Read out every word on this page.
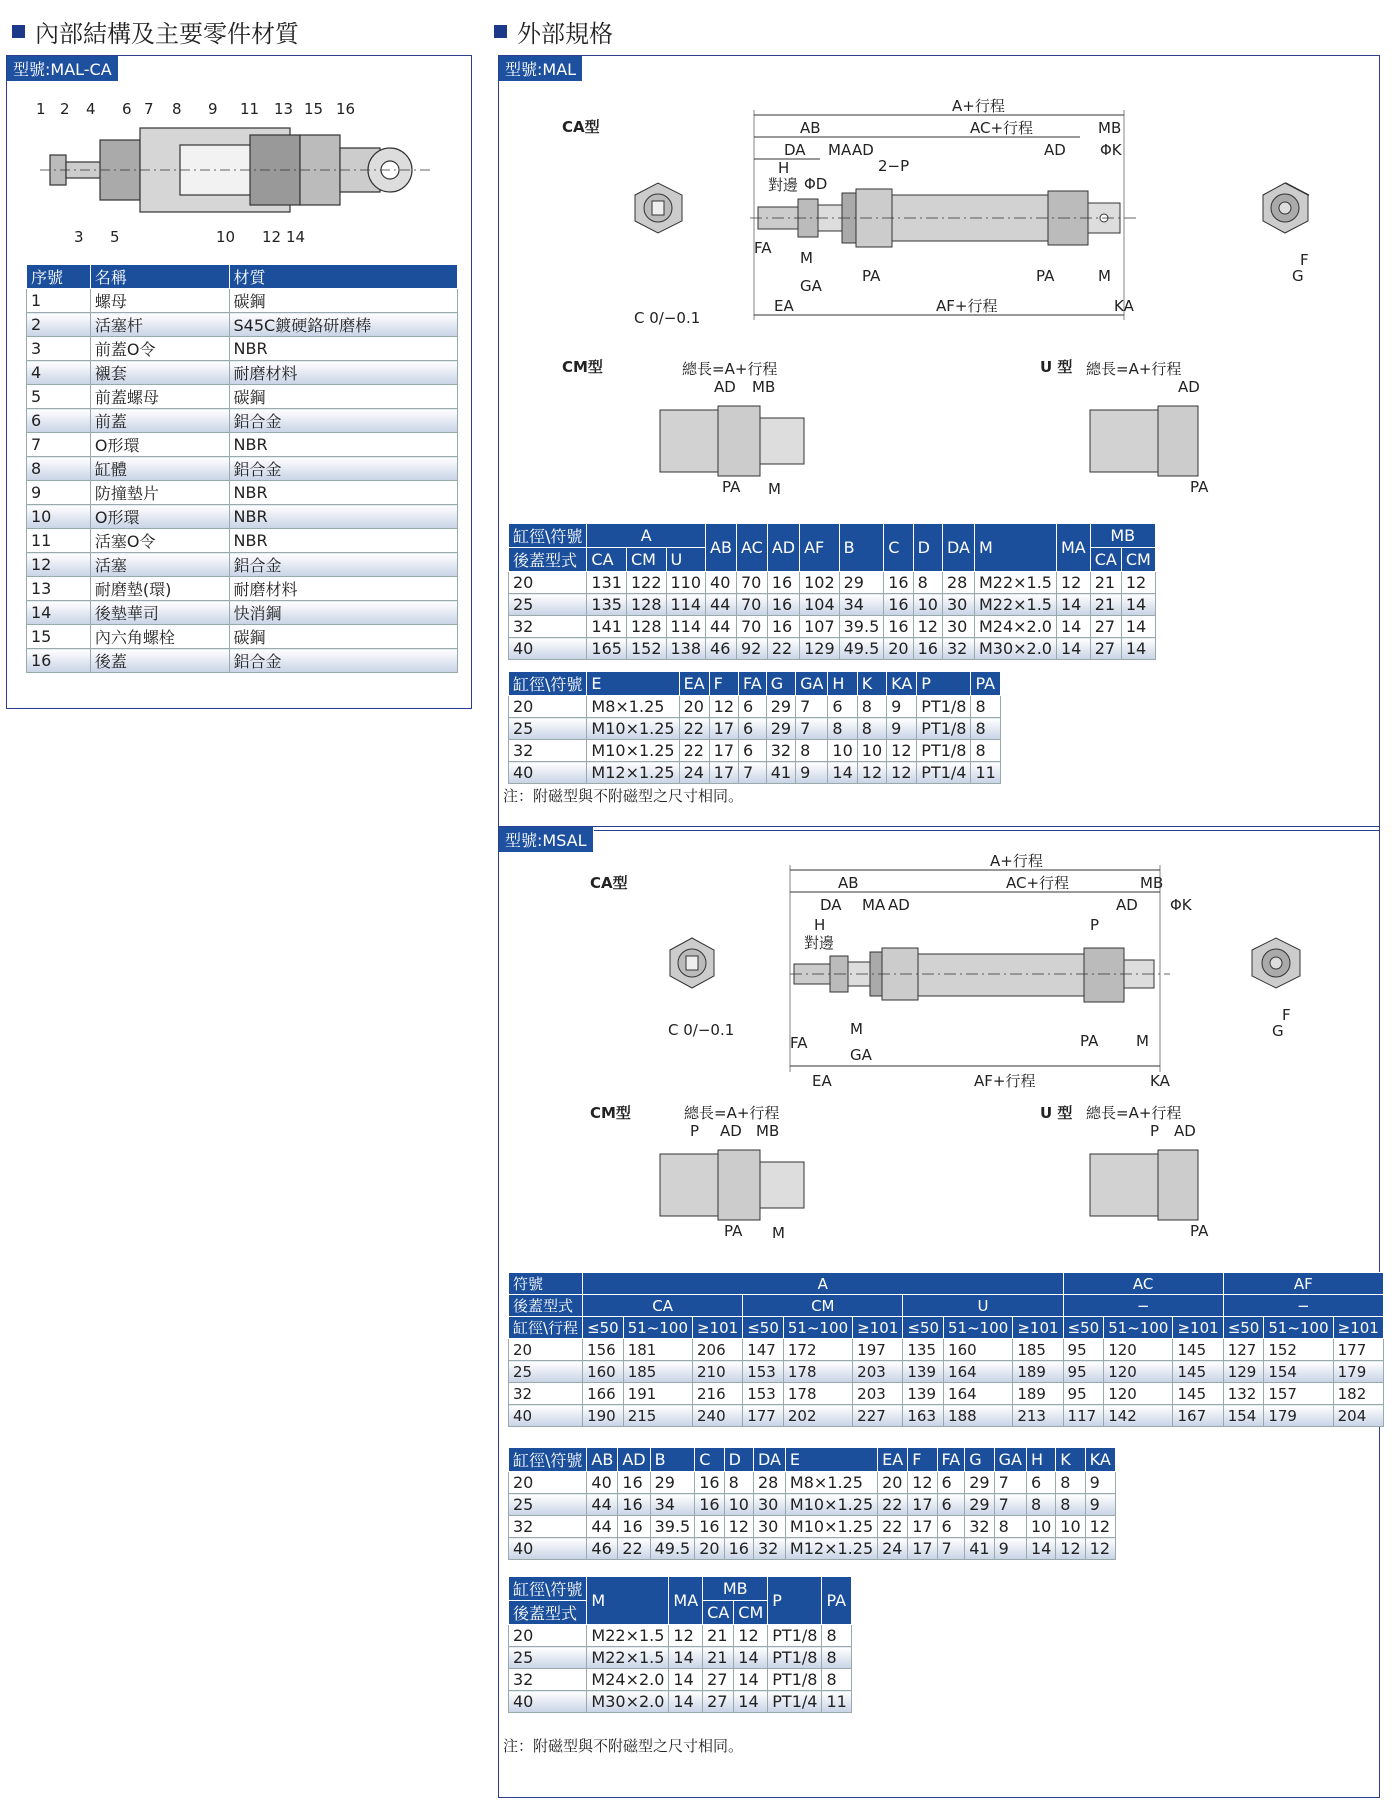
內部結構及主要零件材質
型號:MAL-CA
1 2 4 6 7 8 9 11 13 15 16
3 5	10 12 14
序號	名稱	材質
1	螺母	碳鋼
2	活塞杆	S45C鍍硬鉻研磨棒
3	前蓋O令	NBR
4	襯套	耐磨材料
5	前蓋螺母	碳鋼
6	前蓋	鋁合金
7	O形環	NBR
8	缸體	鋁合金
9	防撞墊片	NBR
10	O形環	NBR
11	活塞O令	NBR
12	活塞	鋁合金
13	耐磨墊(環)	耐磨材料
14	後墊華司	快消鋼
15	內六角螺栓	碳鋼
16	後蓋	鋁合金
外部規格
型號:MAL
CA型
CM型	U 型
A+行程
AB	AC+行程	MB
DA MA AD	AD ΦK
H	2−P
對邊 ΦD
C 0/−0.1
FA
M
GA
PA	PA	M
EA	AF+行程	KA
F
G
總長=A+行程
AD MB
PA M
總長=A+行程
AD
PA
缸徑\符號	A			AB	AC	AD	AF	B	C	D	DA	M	MA	MB	
後蓋型式	CA	CM	U											CA	CM
20	131	122	110	40	70	16	102	29	16	8	28	M22×1.5	12	21	12
25	135	128	114	44	70	16	104	34	16	10	30	M22×1.5	14	21	14
32	141	128	114	44	70	16	107	39.5	16	12	30	M24×2.0	14	27	14
40	165	152	138	46	92	22	129	49.5	20	16	32	M30×2.0	14	27	14
缸徑\符號	E	EA	F	FA	G	GA	H	K	KA	P	PA
20	M8×1.25	20	12	6	29	7	6	8	9	PT1/8	8
25	M10×1.25	22	17	6	29	7	8	8	9	PT1/8	8
32	M10×1.25	22	17	6	32	8	10	10	12	PT1/8	8
40	M12×1.25	24	17	7	41	9	14	12	12	PT1/4	11
注：附磁型與不附磁型之尺寸相同。
型號:MSAL
CA型
CM型	U 型
A+行程
AB	AC+行程	MB
DA MA AD	AD ΦK
P
H
對邊
C 0/−0.1
FA
M
GA
PA	M
EA	AF+行程	KA
F
G
總長=A+行程
P AD MB
PA M
總長=A+行程
P AD
PA
符號	A									AC			AF		
後蓋型式	CA			CM			U			−			−		
缸徑\行程	≤50	51~100	≥101	≤50	51~100	≥101	≤50	51~100	≥101	≤50	51~100	≥101	≤50	51~100	≥101
20	156	181	206	147	172	197	135	160	185	95	120	145	127	152	177
25	160	185	210	153	178	203	139	164	189	95	120	145	129	154	179
32	166	191	216	153	178	203	139	164	189	95	120	145	132	157	182
40	190	215	240	177	202	227	163	188	213	117	142	167	154	179	204
缸徑\符號	AB	AD	B	C	D	DA	E	EA	F	FA	G	GA	H	K	KA
20	40	16	29	16	8	28	M8×1.25	20	12	6	29	7	6	8	9
25	44	16	34	16	10	30	M10×1.25	22	17	6	29	7	8	8	9
32	44	16	39.5	16	12	30	M10×1.25	22	17	6	32	8	10	10	12
40	46	22	49.5	20	16	32	M12×1.25	24	17	7	41	9	14	12	12
缸徑\符號	M	MA	MB		P	PA
後蓋型式			CA	CM		
20	M22×1.5	12	21	12	PT1/8	8
25	M22×1.5	14	21	14	PT1/8	8
32	M24×2.0	14	27	14	PT1/8	8
40	M30×2.0	14	27	14	PT1/4	11
注：附磁型與不附磁型之尺寸相同。
